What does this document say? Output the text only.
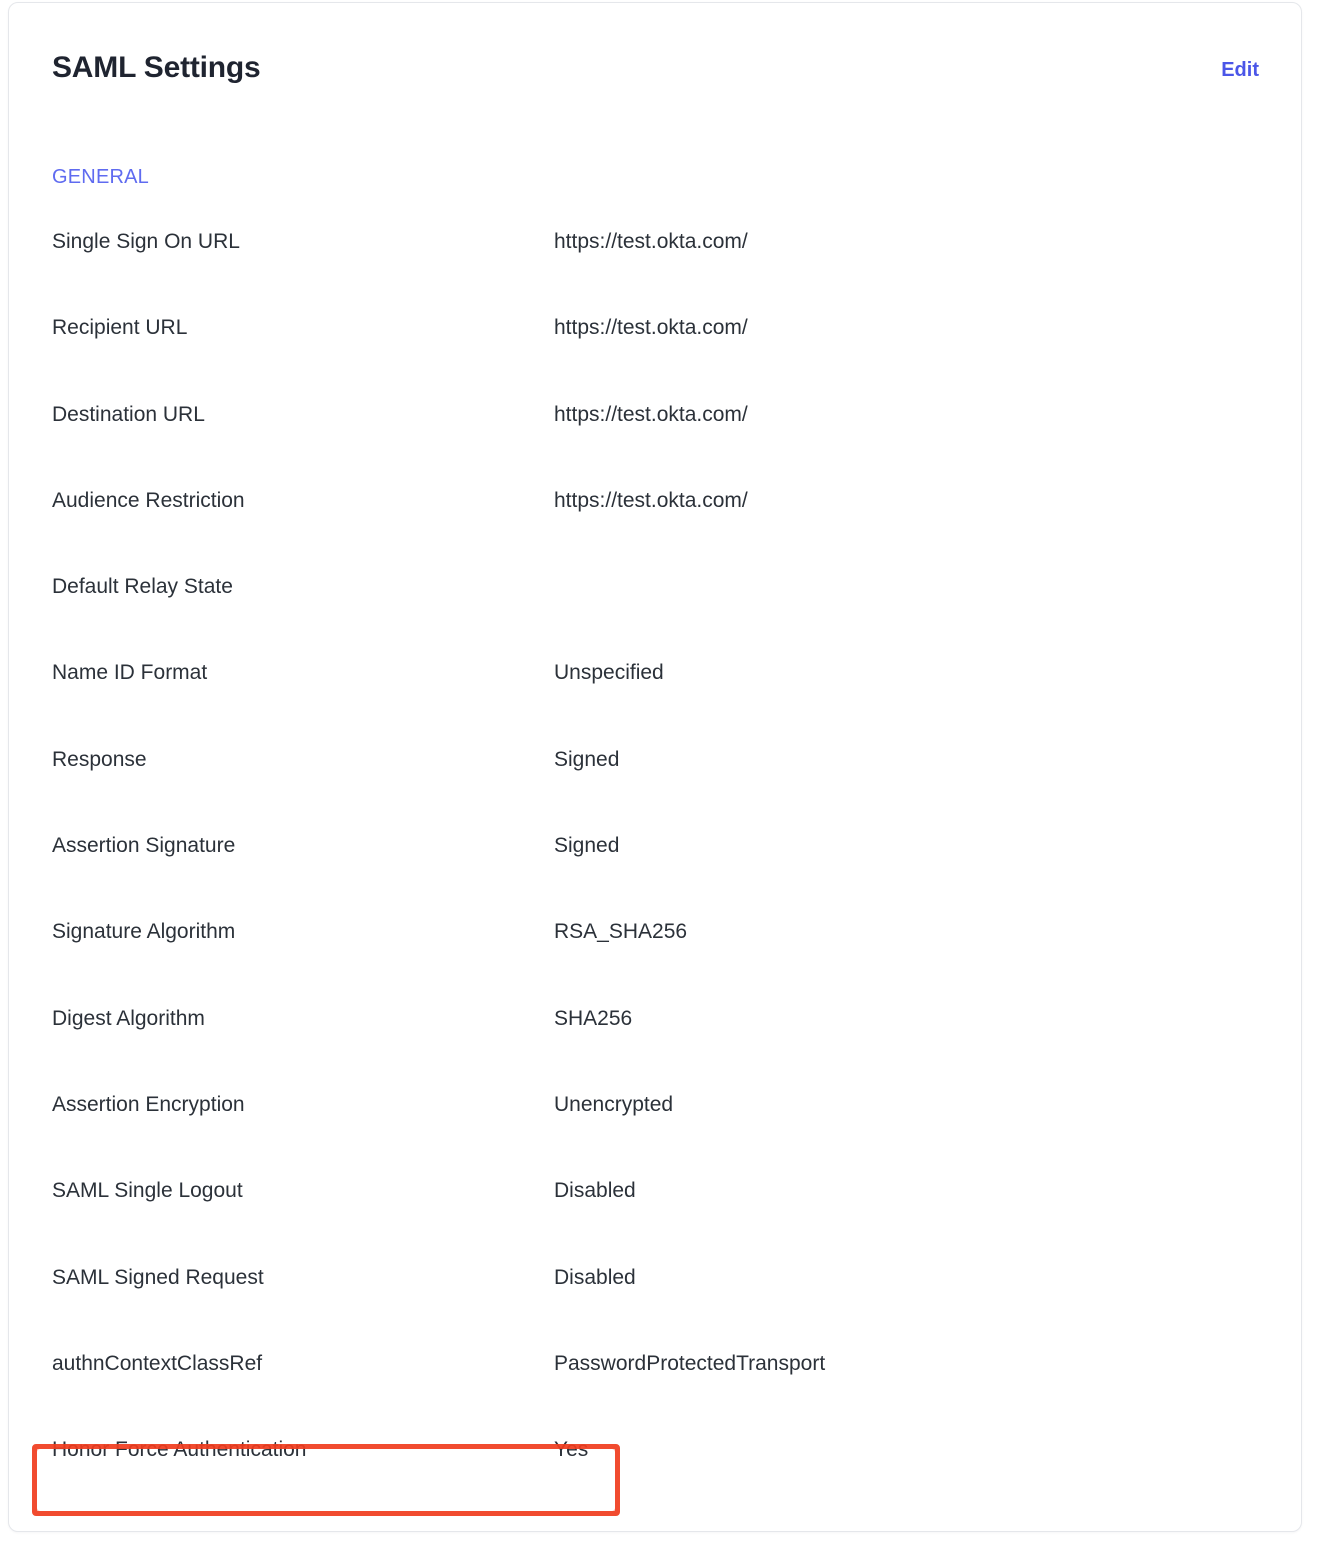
SAML Settings	Edit
GENERAL
Single Sign On URL	https://test.okta.com/
Recipient URL	https://test.okta.com/
Destination URL	https://test.okta.com/
Audience Restriction	https://test.okta.com/
Default Relay State
Name ID Format	Unspecified
Response	Signed
Assertion Signature	Signed
Signature Algorithm	RSA_SHA256
Digest Algorithm	SHA256
Assertion Encryption	Unencrypted
SAML Single Logout	Disabled
SAML Signed Request	Disabled
authnContextClassRef	PasswordProtectedTransport
Honor Force Authentication	Yes
